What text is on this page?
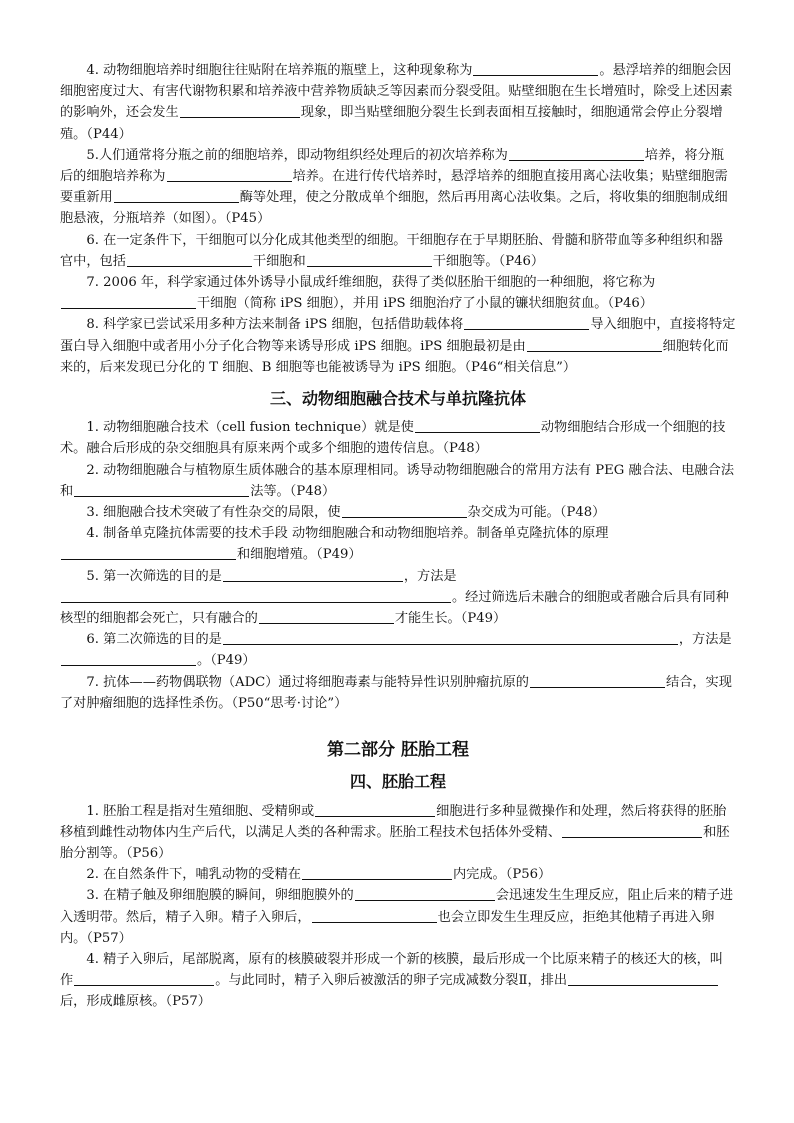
4. 动物细胞培养时细胞往往贴附在培养瓶的瓶壁上，这种现象称为	。悬浮培养的细胞会因细胞密度过大、有害代谢物积累和培养液中营养物质缺乏等因素而分裂受阻。贴壁细胞在生长增殖时，除受上述因素的影响外，还会发生	现象，即当贴壁细胞分裂生长到表面相互接触时，细胞通常会停止分裂增殖。（P44）

5.人们通常将分瓶之前的细胞培养，即动物组织经处理后的初次培养称为	培养，将分瓶后的细胞培养称为	培养。在进行传代培养时，悬浮培养的细胞直接用离心法收集；贴壁细胞需要重新用	酶等处理，使之分散成单个细胞，然后再用离心法收集。之后，将收集的细胞制成细胞悬液，分瓶培养（如图）。（P45）

6. 在一定条件下，干细胞可以分化成其他类型的细胞。干细胞存在于早期胚胎、骨髓和脐带血等多种组织和器官中，包括	干细胞和	干细胞等。（P46）

7. 2006 年，科学家通过体外诱导小鼠成纤维细胞，获得了类似胚胎干细胞的一种细胞，将它称为干细胞（简称 iPS 细胞），并用 iPS 细胞治疗了小鼠的镰状细胞贫血。（P46）

8. 科学家已尝试采用多种方法来制备 iPS 细胞，包括借助载体将	导入细胞中，直接将特定蛋白导入细胞中或者用小分子化合物等来诱导形成 iPS 细胞。iPS 细胞最初是由	细胞转化而来的，后来发现已分化的 T 细胞、B 细胞等也能被诱导为 iPS 细胞。（P46“相关信息”）

三、动物细胞融合技术与单抗隆抗体

1. 动物细胞融合技术（cell fusion technique）就是使	动物细胞结合形成一个细胞的技术。融合后形成的杂交细胞具有原来两个或多个细胞的遗传信息。（P48）

2. 动物细胞融合与植物原生质体融合的基本原理相同。诱导动物细胞融合的常用方法有 PEG 融合法、电融合法和	法等。（P48）

3. 细胞融合技术突破了有性杂交的局限，使	杂交成为可能。（P48）

4. 制备单克隆抗体需要的技术手段 动物细胞融合和动物细胞培养。制备单克隆抗体的原理和细胞增殖。（P49）

5. 第一次筛选的目的是	，方法是。经过筛选后未融合的细胞或者融合后具有同种核型的细胞都会死亡，只有融合的	才能生长。（P49）

6. 第二次筛选的目的是	，方法是。（P49）

7. 抗体——药物偶联物（ADC）通过将细胞毒素与能特异性识别肿瘤抗原的	结合，实现了对肿瘤细胞的选择性杀伤。（P50“思考·讨论”）

第二部分 胚胎工程
四、胚胎工程

1. 胚胎工程是指对生殖细胞、受精卵或	细胞进行多种显微操作和处理，然后将获得的胚胎移植到雌性动物体内生产后代，以满足人类的各种需求。胚胎工程技术包括体外受精、	和胚胎分割等。（P56）

2. 在自然条件下，哺乳动物的受精在	内完成。（P56）

3. 在精子触及卵细胞膜的瞬间，卵细胞膜外的	会迅速发生生理反应，阻止后来的精子进入透明带。然后，精子入卵。精子入卵后，	也会立即发生生理反应，拒绝其他精子再进入卵内。（P57）

4. 精子入卵后，尾部脱离，原有的核膜破裂并形成一个新的核膜，最后形成一个比原来精子的核还大的核，叫作	。与此同时，精子入卵后被激活的卵子完成减数分裂Ⅱ，排出后，形成雌原核。（P57）
